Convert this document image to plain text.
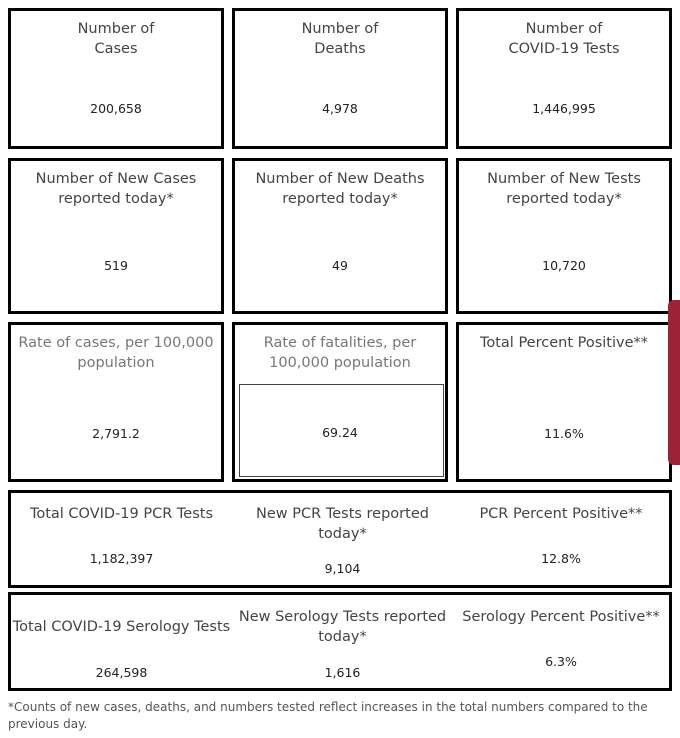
Number of
Cases
200,658
Number of
Deaths
4,978
Number of
COVID-19 Tests
1,446,995
Number of New Cases
reported today*
519
Number of New Deaths
reported today*
49
Number of New Tests
reported today*
10,720
Rate of cases, per 100,000
population
2,791.2
Rate of fatalities, per
100,000 population
69.24
Total Percent Positive**
11.6%
Total COVID-19 PCR Tests
1,182,397
New PCR Tests reported
today*
9,104
PCR Percent Positive**
12.8%
Total COVID-19 Serology Tests
264,598
New Serology Tests reported
today*
1,616
Serology Percent Positive**
6.3%
*Counts of new cases, deaths, and numbers tested reflect increases in the total numbers compared to the previous day.
